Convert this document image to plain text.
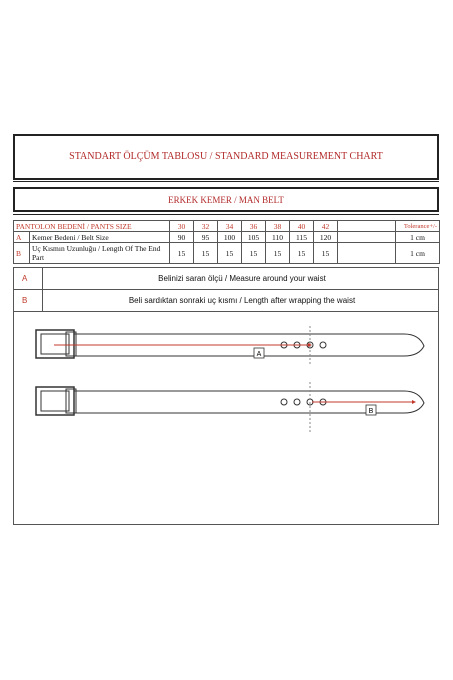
STANDART ÖLÇÜM TABLOSU / STANDARD MEASUREMENT CHART
ERKEK KEMER / MAN BELT
PANTOLON BEDENİ / PANTS SIZE		30	32	34	36	38	40	42		Tolerance+/-
A	Kemer Bedeni / Belt Size	90	95	100	105	110	115	120		1 cm
B	Uç Kısmın Uzunluğu / Length Of The End Part	15	15	15	15	15	15	15		1 cm
A	Belinizi saran ölçü / Measure around your waist
B	Beli sardıktan sonraki uç kısmı / Length after wrapping the waist
A
B
